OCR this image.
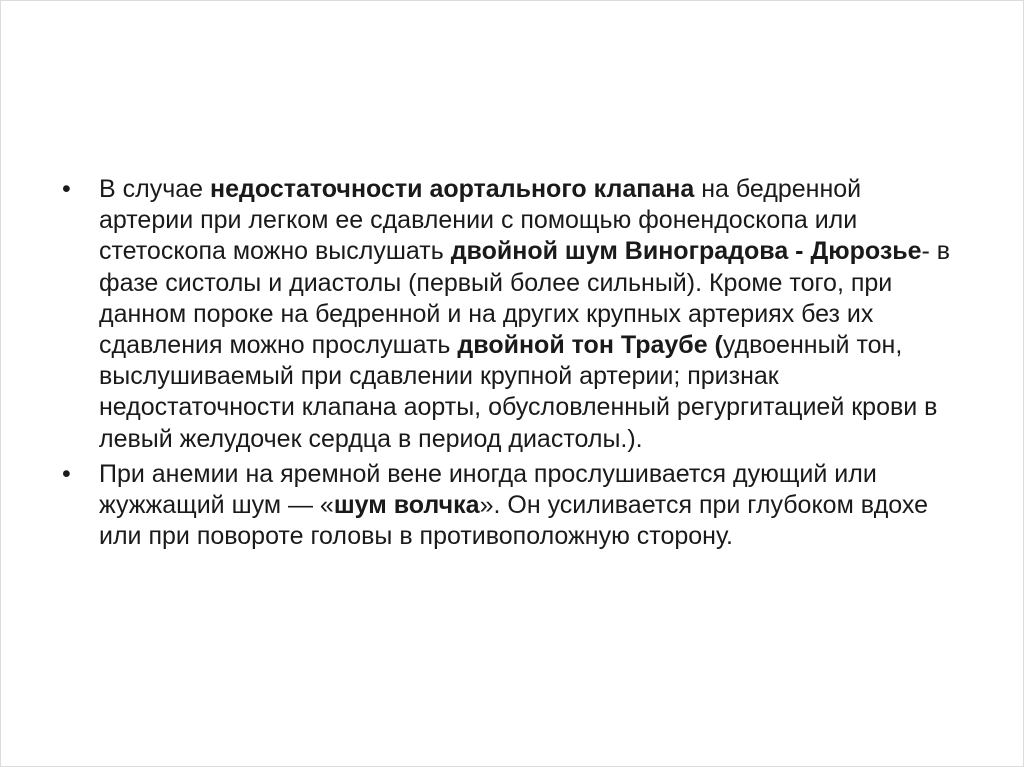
• В случае недостаточности аортального клапана на бедренной артерии при легком ее сдавлении с помощью фонендоскопа или стетоскопа можно выслушать двойной шум Виноградова - Дюрозье- в фазе систолы и диастолы (первый более сильный). Кроме того, при данном пороке на бедренной и на других крупных артериях без их сдавления можно прослушать двойной тон Траубе (удвоенный тон, выслушиваемый при сдавлении крупной артерии; признак недостаточности клапана аорты, обусловленный регургитацией крови в левый желудочек сердца в период диастолы.).
• При анемии на яремной вене иногда прослушивается дующий или жужжащий шум — «шум волчка». Он усиливается при глубоком вдохе или при повороте головы в противоположную сторону.
